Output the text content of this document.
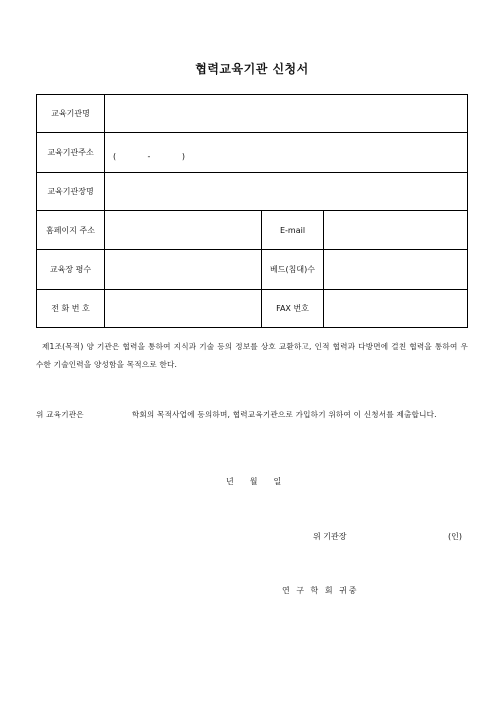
협력교육기관 신청서
교육기관명			
교육기관주소	( - )		

교육기관장명			
홈페이지 주소		E-mail	
교육장 평수		베드(침대)수	
전 화 번 호		FAX 번호	
제1조(목적) 양 기관은 협력을 통하여 지식과 기술 등의 정보를 상호 교환하고, 인적 협력과 다방면에 걸친 협력을 통하여 우수한 기술인력을 양성함을 목적으로 한다.
위 교육기관은	학회의 목적사업에 동의하며, 협력교육기관으로 가입하기 위하여 이 신청서를 제출합니다.
년 월 일
위 기관장	(인)
연 구 학 회 귀중
